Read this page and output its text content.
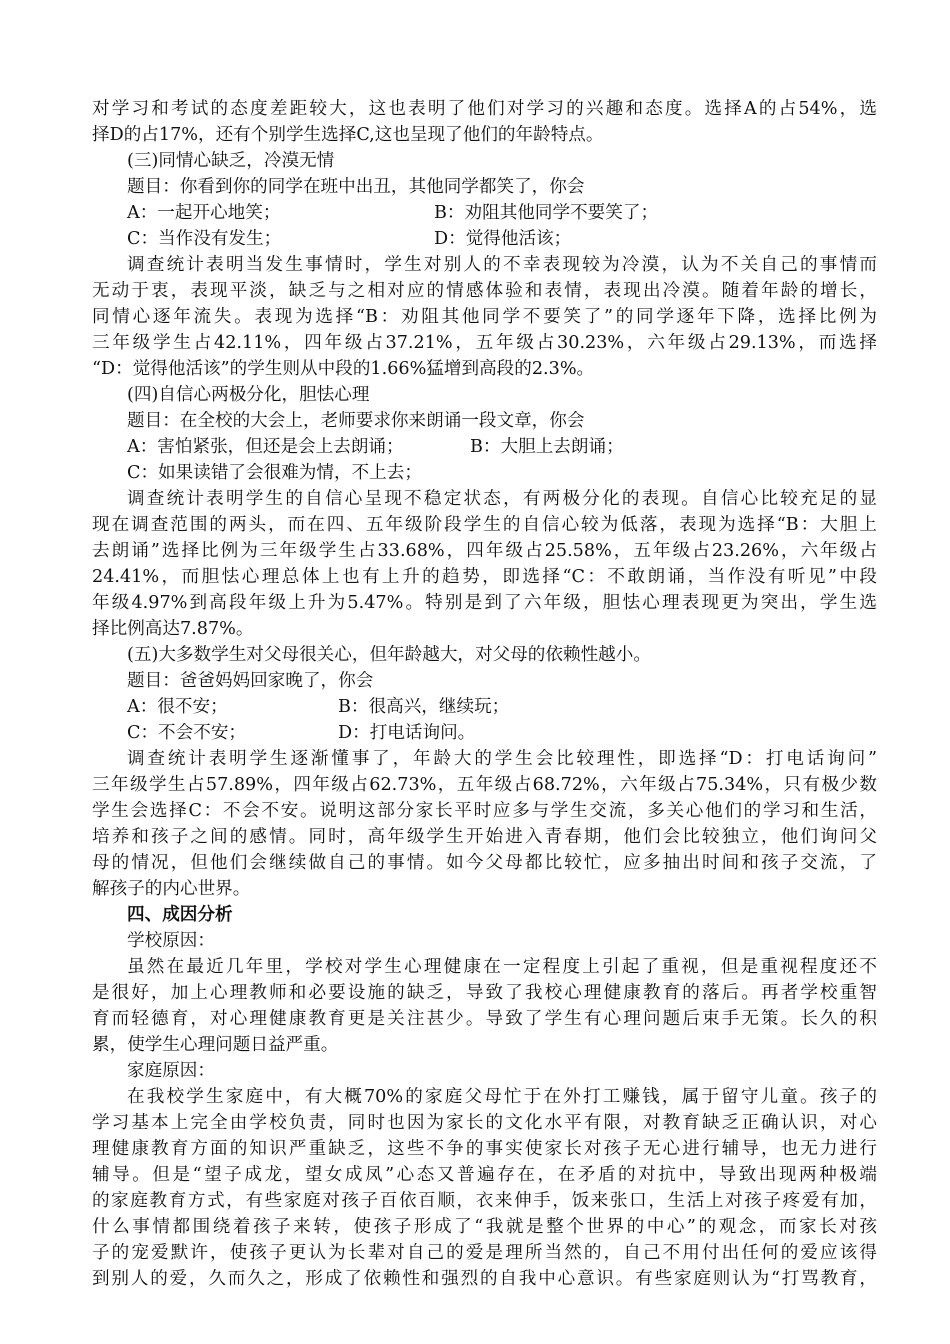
对学习和考试的态度差距较大，这也表明了他们对学习的兴趣和态度。选择A的占54%，选
择D的占17%，还有个别学生选择C,这也呈现了他们的年龄特点。
(三)同情心缺乏，冷漠无情
题目：你看到你的同学在班中出丑，其他同学都笑了，你会
A：一起开心地笑；	B：劝阻其他同学不要笑了；
C：当作没有发生；	D：觉得他活该；
调查统计表明当发生事情时，学生对别人的不幸表现较为冷漠，认为不关自己的事情而
无动于衷，表现平淡，缺乏与之相对应的情感体验和表情，表现出冷漠。随着年龄的增长，
同情心逐年流失。表现为选择“B：劝阻其他同学不要笑了”的同学逐年下降，选择比例为
三年级学生占42.11%，四年级占37.21%，五年级占30.23%，六年级占29.13%，而选择
“D：觉得他活该”的学生则从中段的1.66%猛增到高段的2.3%。
(四)自信心两极分化，胆怯心理
题目：在全校的大会上，老师要求你来朗诵一段文章，你会
A：害怕紧张，但还是会上去朗诵；	B：大胆上去朗诵；
C：如果读错了会很难为情，不上去；
调查统计表明学生的自信心呈现不稳定状态，有两极分化的表现。自信心比较充足的显
现在调查范围的两头，而在四、五年级阶段学生的自信心较为低落，表现为选择“B：大胆上
去朗诵”选择比例为三年级学生占33.68%，四年级占25.58%，五年级占23.26%，六年级占
24.41%，而胆怯心理总体上也有上升的趋势，即选择“C：不敢朗诵，当作没有听见”中段
年级4.97%到高段年级上升为5.47%。特别是到了六年级，胆怯心理表现更为突出，学生选
择比例高达7.87%。
(五)大多数学生对父母很关心，但年龄越大，对父母的依赖性越小。
题目：爸爸妈妈回家晚了，你会
A：很不安；	B：很高兴，继续玩；
C：不会不安；	D：打电话询问。
调查统计表明学生逐渐懂事了，年龄大的学生会比较理性，即选择“D：打电话询问”
三年级学生占57.89%，四年级占62.73%，五年级占68.72%，六年级占75.34%，只有极少数
学生会选择C：不会不安。说明这部分家长平时应多与学生交流，多关心他们的学习和生活，
培养和孩子之间的感情。同时，高年级学生开始进入青春期，他们会比较独立，他们询问父
母的情况，但他们会继续做自己的事情。如今父母都比较忙，应多抽出时间和孩子交流，了
解孩子的内心世界。
四、成因分析
学校原因：
虽然在最近几年里，学校对学生心理健康在一定程度上引起了重视，但是重视程度还不
是很好，加上心理教师和必要设施的缺乏，导致了我校心理健康教育的落后。再者学校重智
育而轻德育，对心理健康教育更是关注甚少。导致了学生有心理问题后束手无策。长久的积
累，使学生心理问题日益严重。
家庭原因：
在我校学生家庭中，有大概70%的家庭父母忙于在外打工赚钱，属于留守儿童。孩子的
学习基本上完全由学校负责，同时也因为家长的文化水平有限，对教育缺乏正确认识，对心
理健康教育方面的知识严重缺乏，这些不争的事实使家长对孩子无心进行辅导，也无力进行
辅导。但是“望子成龙，望女成凤”心态又普遍存在，在矛盾的对抗中，导致出现两种极端
的家庭教育方式，有些家庭对孩子百依百顺，衣来伸手，饭来张口，生活上对孩子疼爱有加，
什么事情都围绕着孩子来转，使孩子形成了“我就是整个世界的中心”的观念，而家长对孩
子的宠爱默许，使孩子更认为长辈对自己的爱是理所当然的，自己不用付出任何的爱应该得
到别人的爱，久而久之，形成了依赖性和强烈的自我中心意识。有些家庭则认为“打骂教育，
